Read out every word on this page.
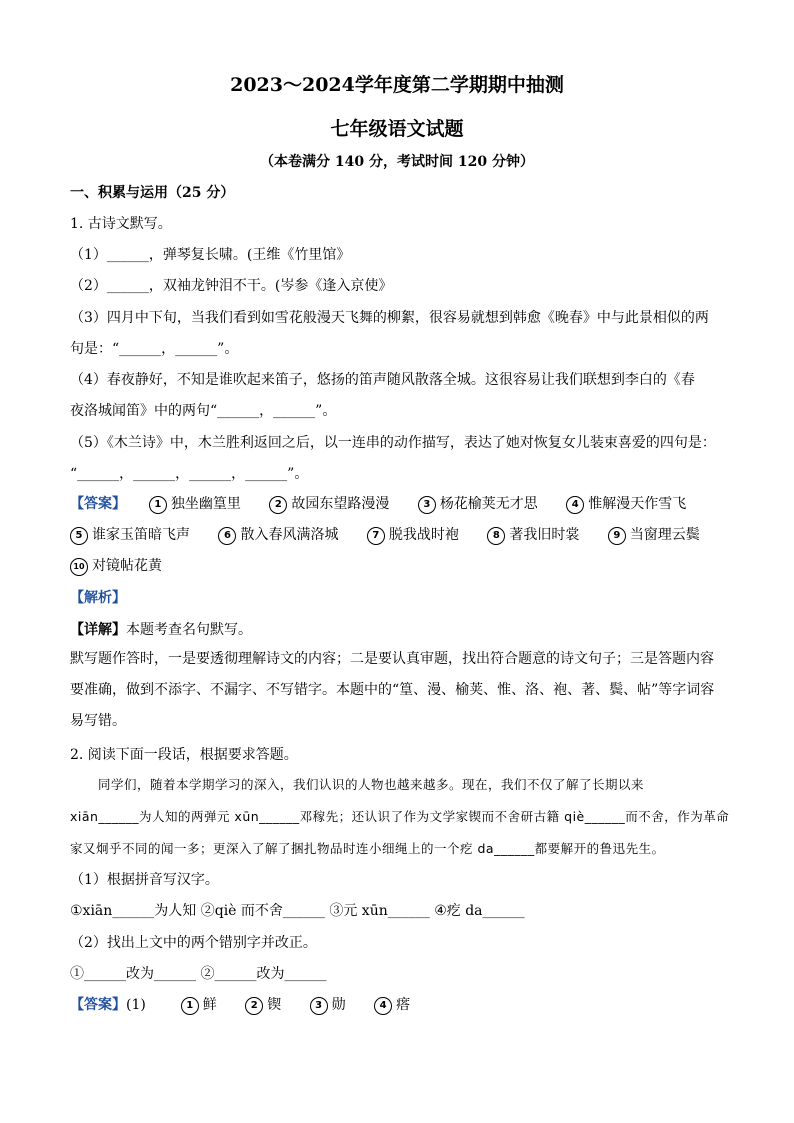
2023～2024学年度第二学期期中抽测
七年级语文试题
（本卷满分 140 分，考试时间 120 分钟）
一、积累与运用（25 分）
1. 古诗文默写。
（1）______，弹琴复长啸。(王维《竹里馆》
（2）______，双袖龙钟泪不干。(岑参《逢入京使》
（3）四月中下旬，当我们看到如雪花般漫天飞舞的柳絮，很容易就想到韩愈《晚春》中与此景相似的两
句是：“______，______”。
（4）春夜静好，不知是谁吹起来笛子，悠扬的笛声随风散落全城。这很容易让我们联想到李白的《春
夜洛城闻笛》中的两句“______，______”。
（5）《木兰诗》中，木兰胜利返回之后，以一连串的动作描写，表达了她对恢复女儿装束喜爱的四句是：
“______，______，______，______”。
【答案】	1 独坐幽篁里	2 故园东望路漫漫	3 杨花榆荚无才思	4 惟解漫天作雪飞
5 谁家玉笛暗飞声	6 散入春风满洛城	7 脱我战时袍	8 著我旧时裳	9 当窗理云鬓
10 对镜帖花黄
【解析】
【详解】本题考查名句默写。
默写题作答时，一是要透彻理解诗文的内容；二是要认真审题，找出符合题意的诗文句子；三是答题内容要准确，做到不添字、不漏字、不写错字。本题中的“篁、漫、榆荚、惟、洛、袍、著、鬓、帖”等字词容易写错。
2. 阅读下面一段话，根据要求答题。
同学们，随着本学期学习的深入，我们认识的人物也越来越多。现在，我们不仅了解了长期以来
xiān______为人知的两弹元 xūn______邓稼先；还认识了作为文学家锲而不舍研古籍 qiè______而不舍，作为革命
家又炯乎不同的闻一多；更深入了解了捆扎物品时连小细绳上的一个疙 da______都要解开的鲁迅先生。
（1）根据拼音写汉字。
①xiān______为人知 ②qiè 而不舍______ ③元 xūn______ ④疙 da______
（2）找出上文中的两个错别字并改正。
①______改为______ ②______改为______
【答案】(1)	1 鲜	2 锲	3 勋	4 瘩
